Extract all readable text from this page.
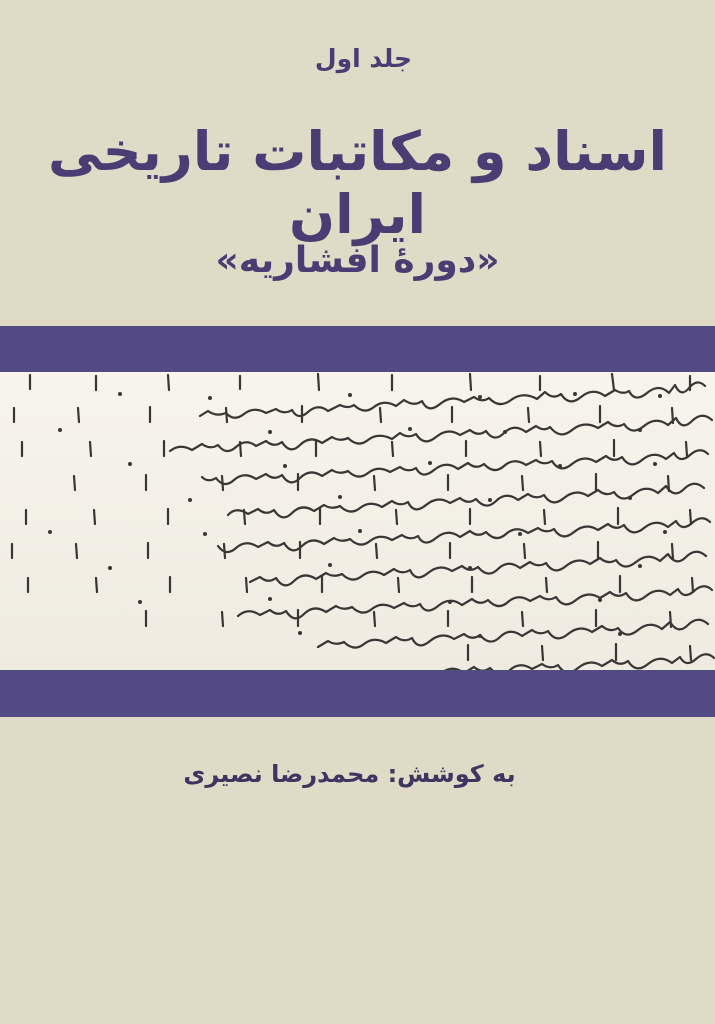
جلد اول
اسناد و مکاتبات تاریخی ایران
«دورهٔ افشاریه»
به کوشش: محمدرضا نصیری
